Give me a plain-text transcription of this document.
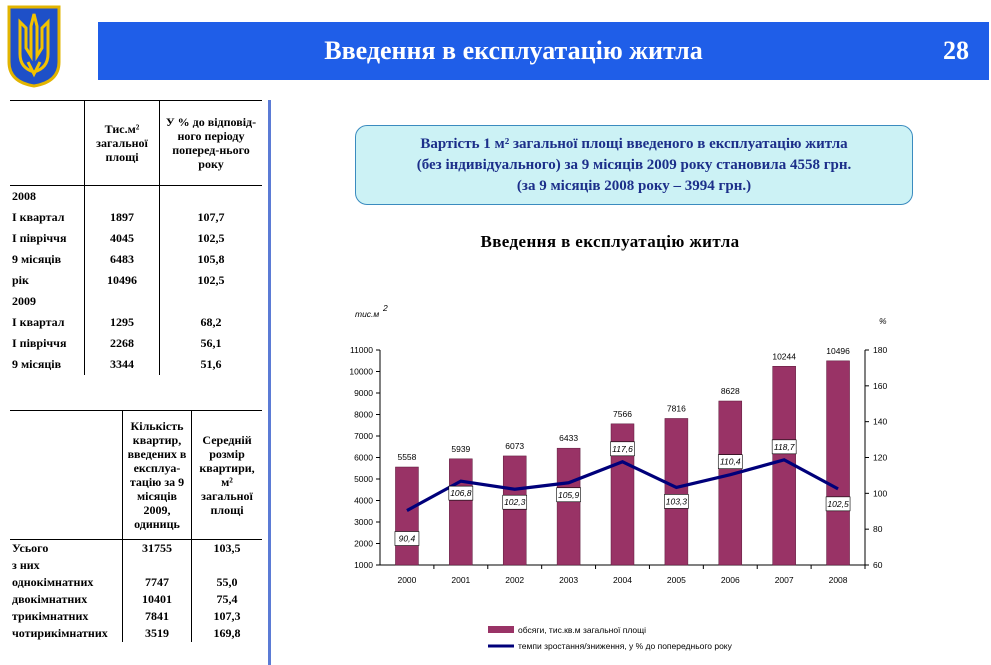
Введення в експлуатацію житла	28
	Тис.м² загальної площі	У % до відповід-ного періоду поперед-нього року
2008		
І квартал	1897	107,7
І півріччя	4045	102,5
9 місяців	6483	105,8
рік	10496	102,5
2009		
І квартал	1295	68,2
І півріччя	2268	56,1
9 місяців	3344	51,6
	Кількість квартир, введених в експлуа-тацію за 9 місяців 2009, одиниць	Середній розмір квартири, м² загальної площі
Усього	31755	103,5
з них		
однокімнатних	7747	55,0
двокімнатних	10401	75,4
трикімнатних	7841	107,3
чотирикімнатних	3519	169,8
Вартість 1 м² загальної площі введеного в експлуатацію житла
(без індивідуального) за 9 місяців 2009 року становила 4558 грн.
(за 9 місяців 2008 року – 3994 грн.)
Введення в експлуатацію житла
1000
2000
3000
4000
5000
6000
7000
8000
9000
10000
11000
60
80
100
120
140
160
180
тис.м
2
%
5558
2000
5939
2001
6073
2002
6433
2003
7566
2004
7816
2005
8628
2006
10244
2007
10496
2008
90,4
106,8
102,3
105,9
117,6
103,3
110,4
118,7
102,5
обсяги, тис.кв.м загальної площі
темпи зростання/зниження, у % до попереднього року
